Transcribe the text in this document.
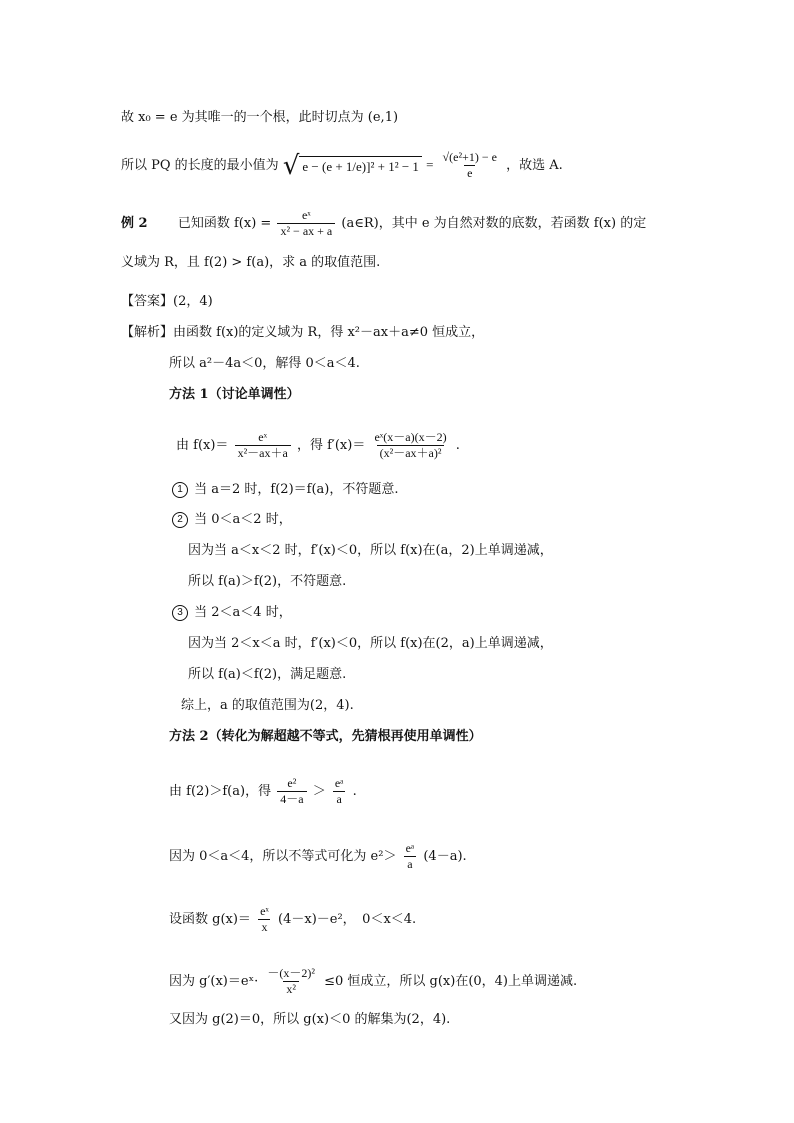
故 x₀ = e 为其唯一的一个根，此时切点为 (e,1)
所以 PQ 的长度的最小值为 √ $e - (e + 1/e)]^2 + 1^2 - 1 = \frac{\text{√(e²+1) − e}}{e}$ ，故选 A.
例 2 已知函数 $f(x) = \frac{\text{eˣ}}{\text{x² − ax + a}}$ (a∈R)，其中 e 为自然对数的底数，若函数 f(x) 的定
义域为 R，且 f(2) > f(a)，求 a 的取值范围.
【答案】(2，4)
【解析】由函数 f(x)的定义域为 R，得 x²－ax＋a≠0 恒成立，
所以 a²－4a＜0，解得 0＜a＜4.
方法 1（讨论单调性）
由 $f(x)= \frac{\text{eˣ}}{\text{x²－ax＋a}}$ ，得 $f'(x)= \frac{\text{eˣ(x－a)(x－2)}}{\text{(x²－ax＋a)²}}$ .
1 当 a＝2 时，f(2)＝f(a)，不符题意.
2 当 0＜a＜2 时，
因为当 a＜x＜2 时，f′(x)＜0，所以 f(x)在(a，2)上单调递减，
所以 f(a)＞f(2)，不符题意.
3 当 2＜a＜4 时，
因为当 2＜x＜a 时，f′(x)＜0，所以 f(x)在(2，a)上单调递减，
所以 f(a)＜f(2)，满足题意.
综上，a 的取值范围为(2，4).
方法 2（转化为解超越不等式，先猜根再使用单调性）
由 f(2)＞f(a)，得 $\frac{\text{e²}}{4-a} > \frac{\text{eᵃ}}{a}$ .
因为 0＜a＜4，所以不等式可化为 $e^2> \frac{\text{eᵃ}}{a} (4-a)$.
设函数 $g(x)= \frac{\text{eˣ}}{x} (4-x)-e^2$，　0＜x＜4.
因为 g′(x)＝eˣ· $\frac{\text{－(x－2)²}}{\text{x²}} \le 0$ 恒成立，所以 g(x)在(0，4)上单调递减.
又因为 g(2)＝0，所以 g(x)＜0 的解集为(2，4).
